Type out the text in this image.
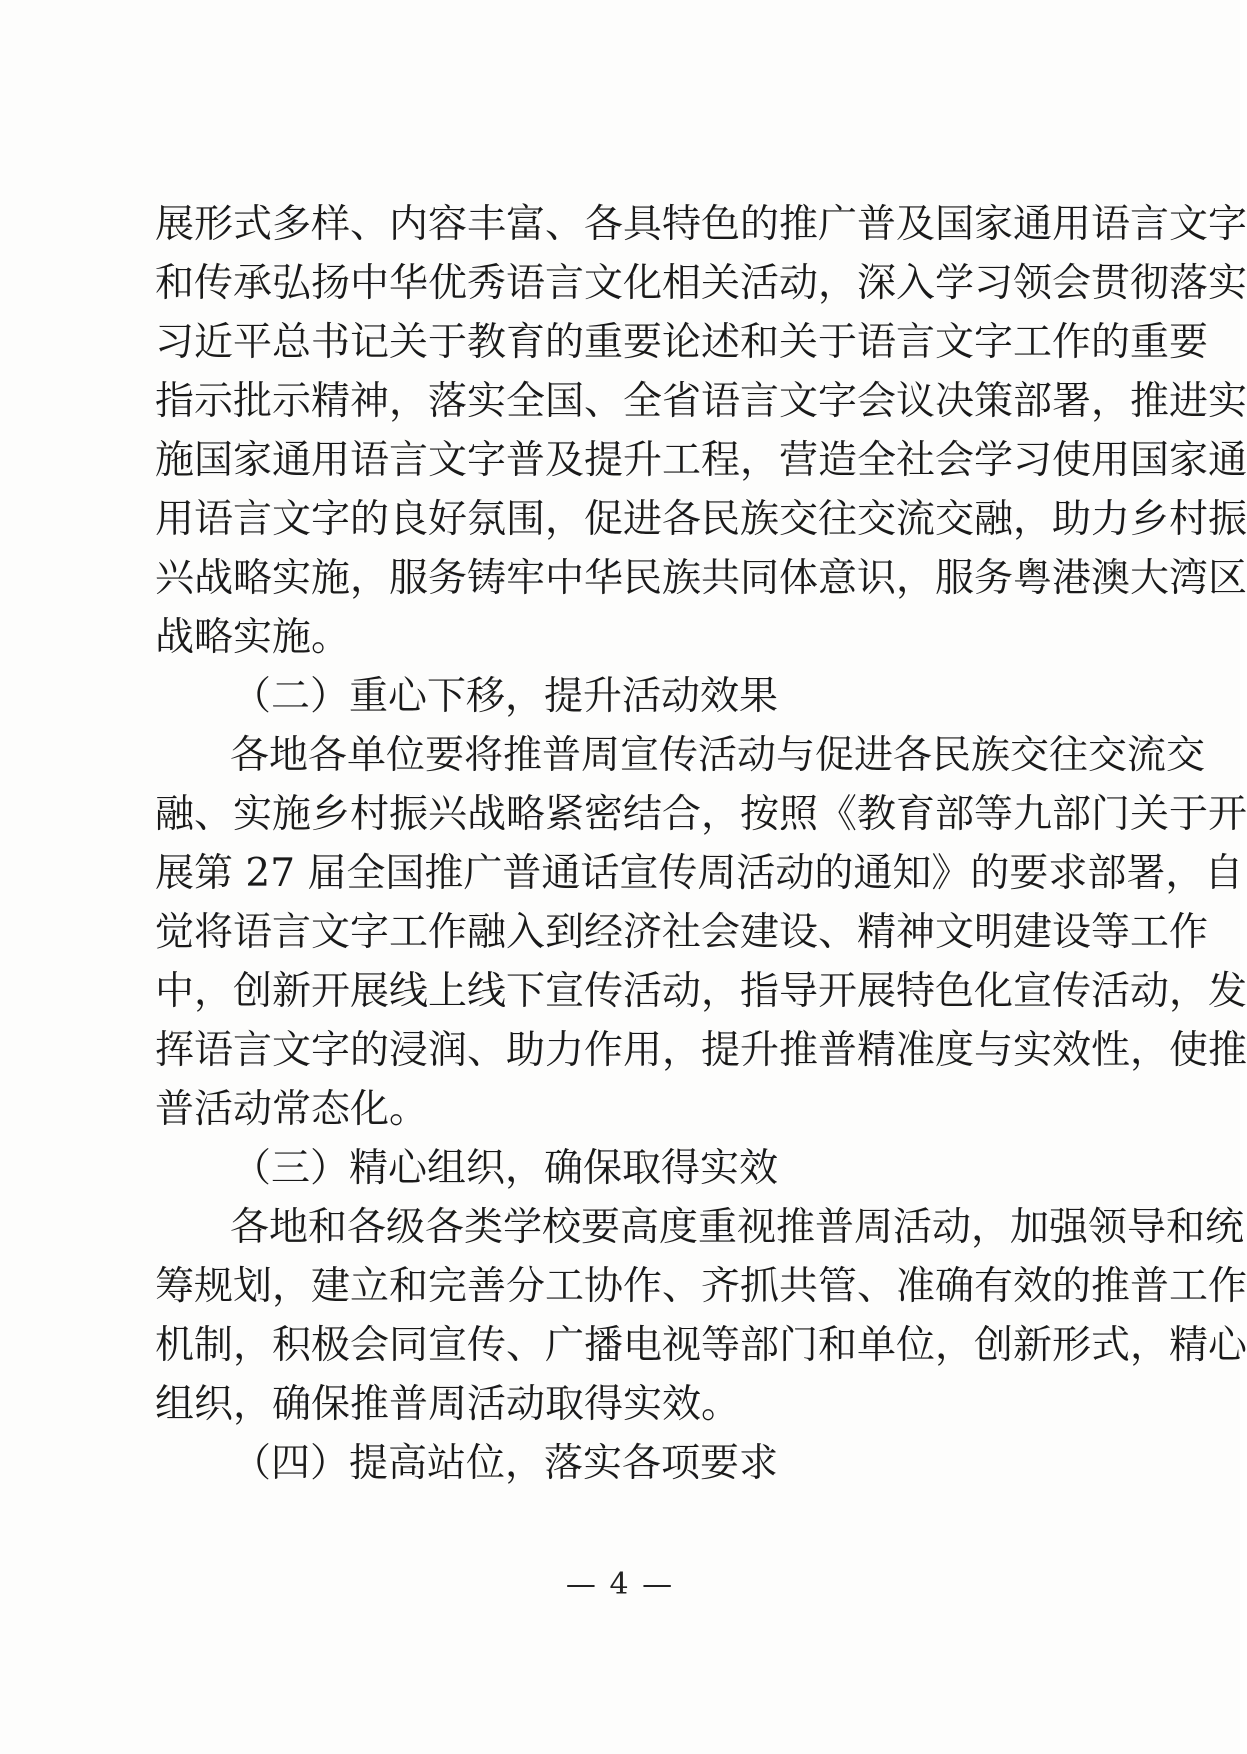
展形式多样、内容丰富、各具特色的推广普及国家通用语言文字
和传承弘扬中华优秀语言文化相关活动，深入学习领会贯彻落实
习近平总书记关于教育的重要论述和关于语言文字工作的重要
指示批示精神，落实全国、全省语言文字会议决策部署，推进实
施国家通用语言文字普及提升工程，营造全社会学习使用国家通
用语言文字的良好氛围，促进各民族交往交流交融，助力乡村振
兴战略实施，服务铸牢中华民族共同体意识，服务粤港澳大湾区
战略实施。
（二）重心下移，提升活动效果
各地各单位要将推普周宣传活动与促进各民族交往交流交
融、实施乡村振兴战略紧密结合，按照《教育部等九部门关于开
展第 27 届全国推广普通话宣传周活动的通知》的要求部署，自
觉将语言文字工作融入到经济社会建设、精神文明建设等工作
中，创新开展线上线下宣传活动，指导开展特色化宣传活动，发
挥语言文字的浸润、助力作用，提升推普精准度与实效性，使推
普活动常态化。
（三）精心组织，确保取得实效
各地和各级各类学校要高度重视推普周活动，加强领导和统
筹规划，建立和完善分工协作、齐抓共管、准确有效的推普工作
机制，积极会同宣传、广播电视等部门和单位，创新形式，精心
组织，确保推普周活动取得实效。
（四）提高站位，落实各项要求
— 4 —
